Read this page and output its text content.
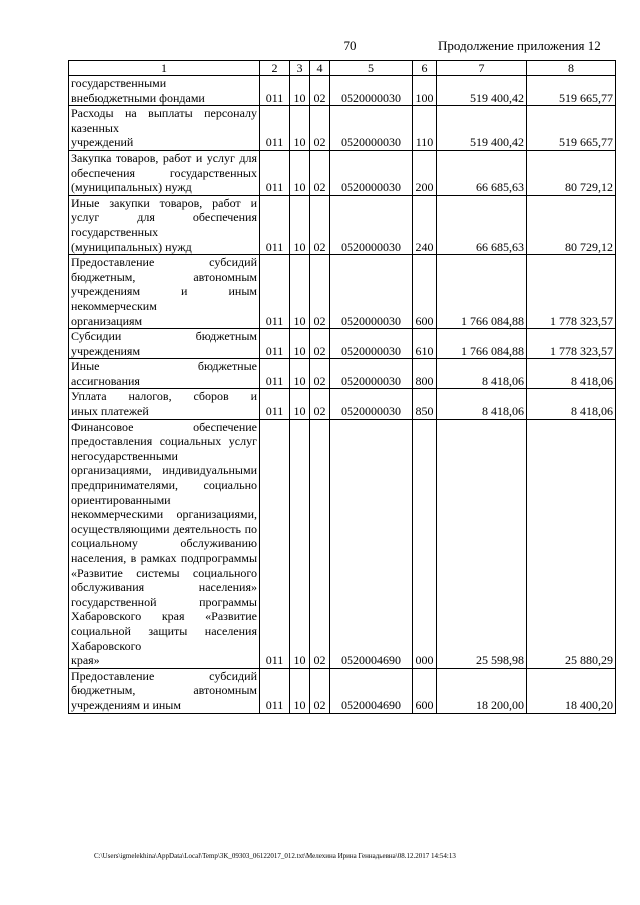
70	Продолжение приложения 12
1	2	3	4	5	6	7	8
государственными
внебюджетными фондами	011	10	02	0520000030	100	519 400,42	519 665,77
Расходы на выплаты персоналу казенных
учреждений	011	10	02	0520000030	110	519 400,42	519 665,77
Закупка товаров, работ и услуг для обеспечения государственных
(муниципальных) нужд	011	10	02	0520000030	200	66 685,63	80 729,12
Иные закупки товаров, работ и услуг для обеспечения государственных
(муниципальных) нужд	011	10	02	0520000030	240	66 685,63	80 729,12
Предоставление субсидий бюджетным, автономным учреждениям и иным некоммерческим
организациям	011	10	02	0520000030	600	1 766 084,88	1 778 323,57
Субсидии бюджетным
учреждениям	011	10	02	0520000030	610	1 766 084,88	1 778 323,57
Иные бюджетные
ассигнования	011	10	02	0520000030	800	8 418,06	8 418,06
Уплата налогов, сборов и
иных платежей	011	10	02	0520000030	850	8 418,06	8 418,06
Финансовое обеспечение предоставления социальных услуг негосударственными организациями, индивидуальными предпринимателями, социально ориентированными некоммерческими организациями, осуществляющими деятельность по социальному обслуживанию населения, в рамках подпрограммы «Развитие системы социального обслуживания населения» государственной программы Хабаровского края «Развитие социальной защиты населения Хабаровского
края»	011	10	02	0520004690	000	25 598,98	25 880,29
Предоставление субсидий бюджетным, автономным
учреждениям и иным	011	10	02	0520004690	600	18 200,00	18 400,20
C:\Users\igmelekhina\AppData\Local\Temp\3K_09303_06122017_012.txt\Мелехина Ирина Геннадьевна\08.12.2017 14:54:13
